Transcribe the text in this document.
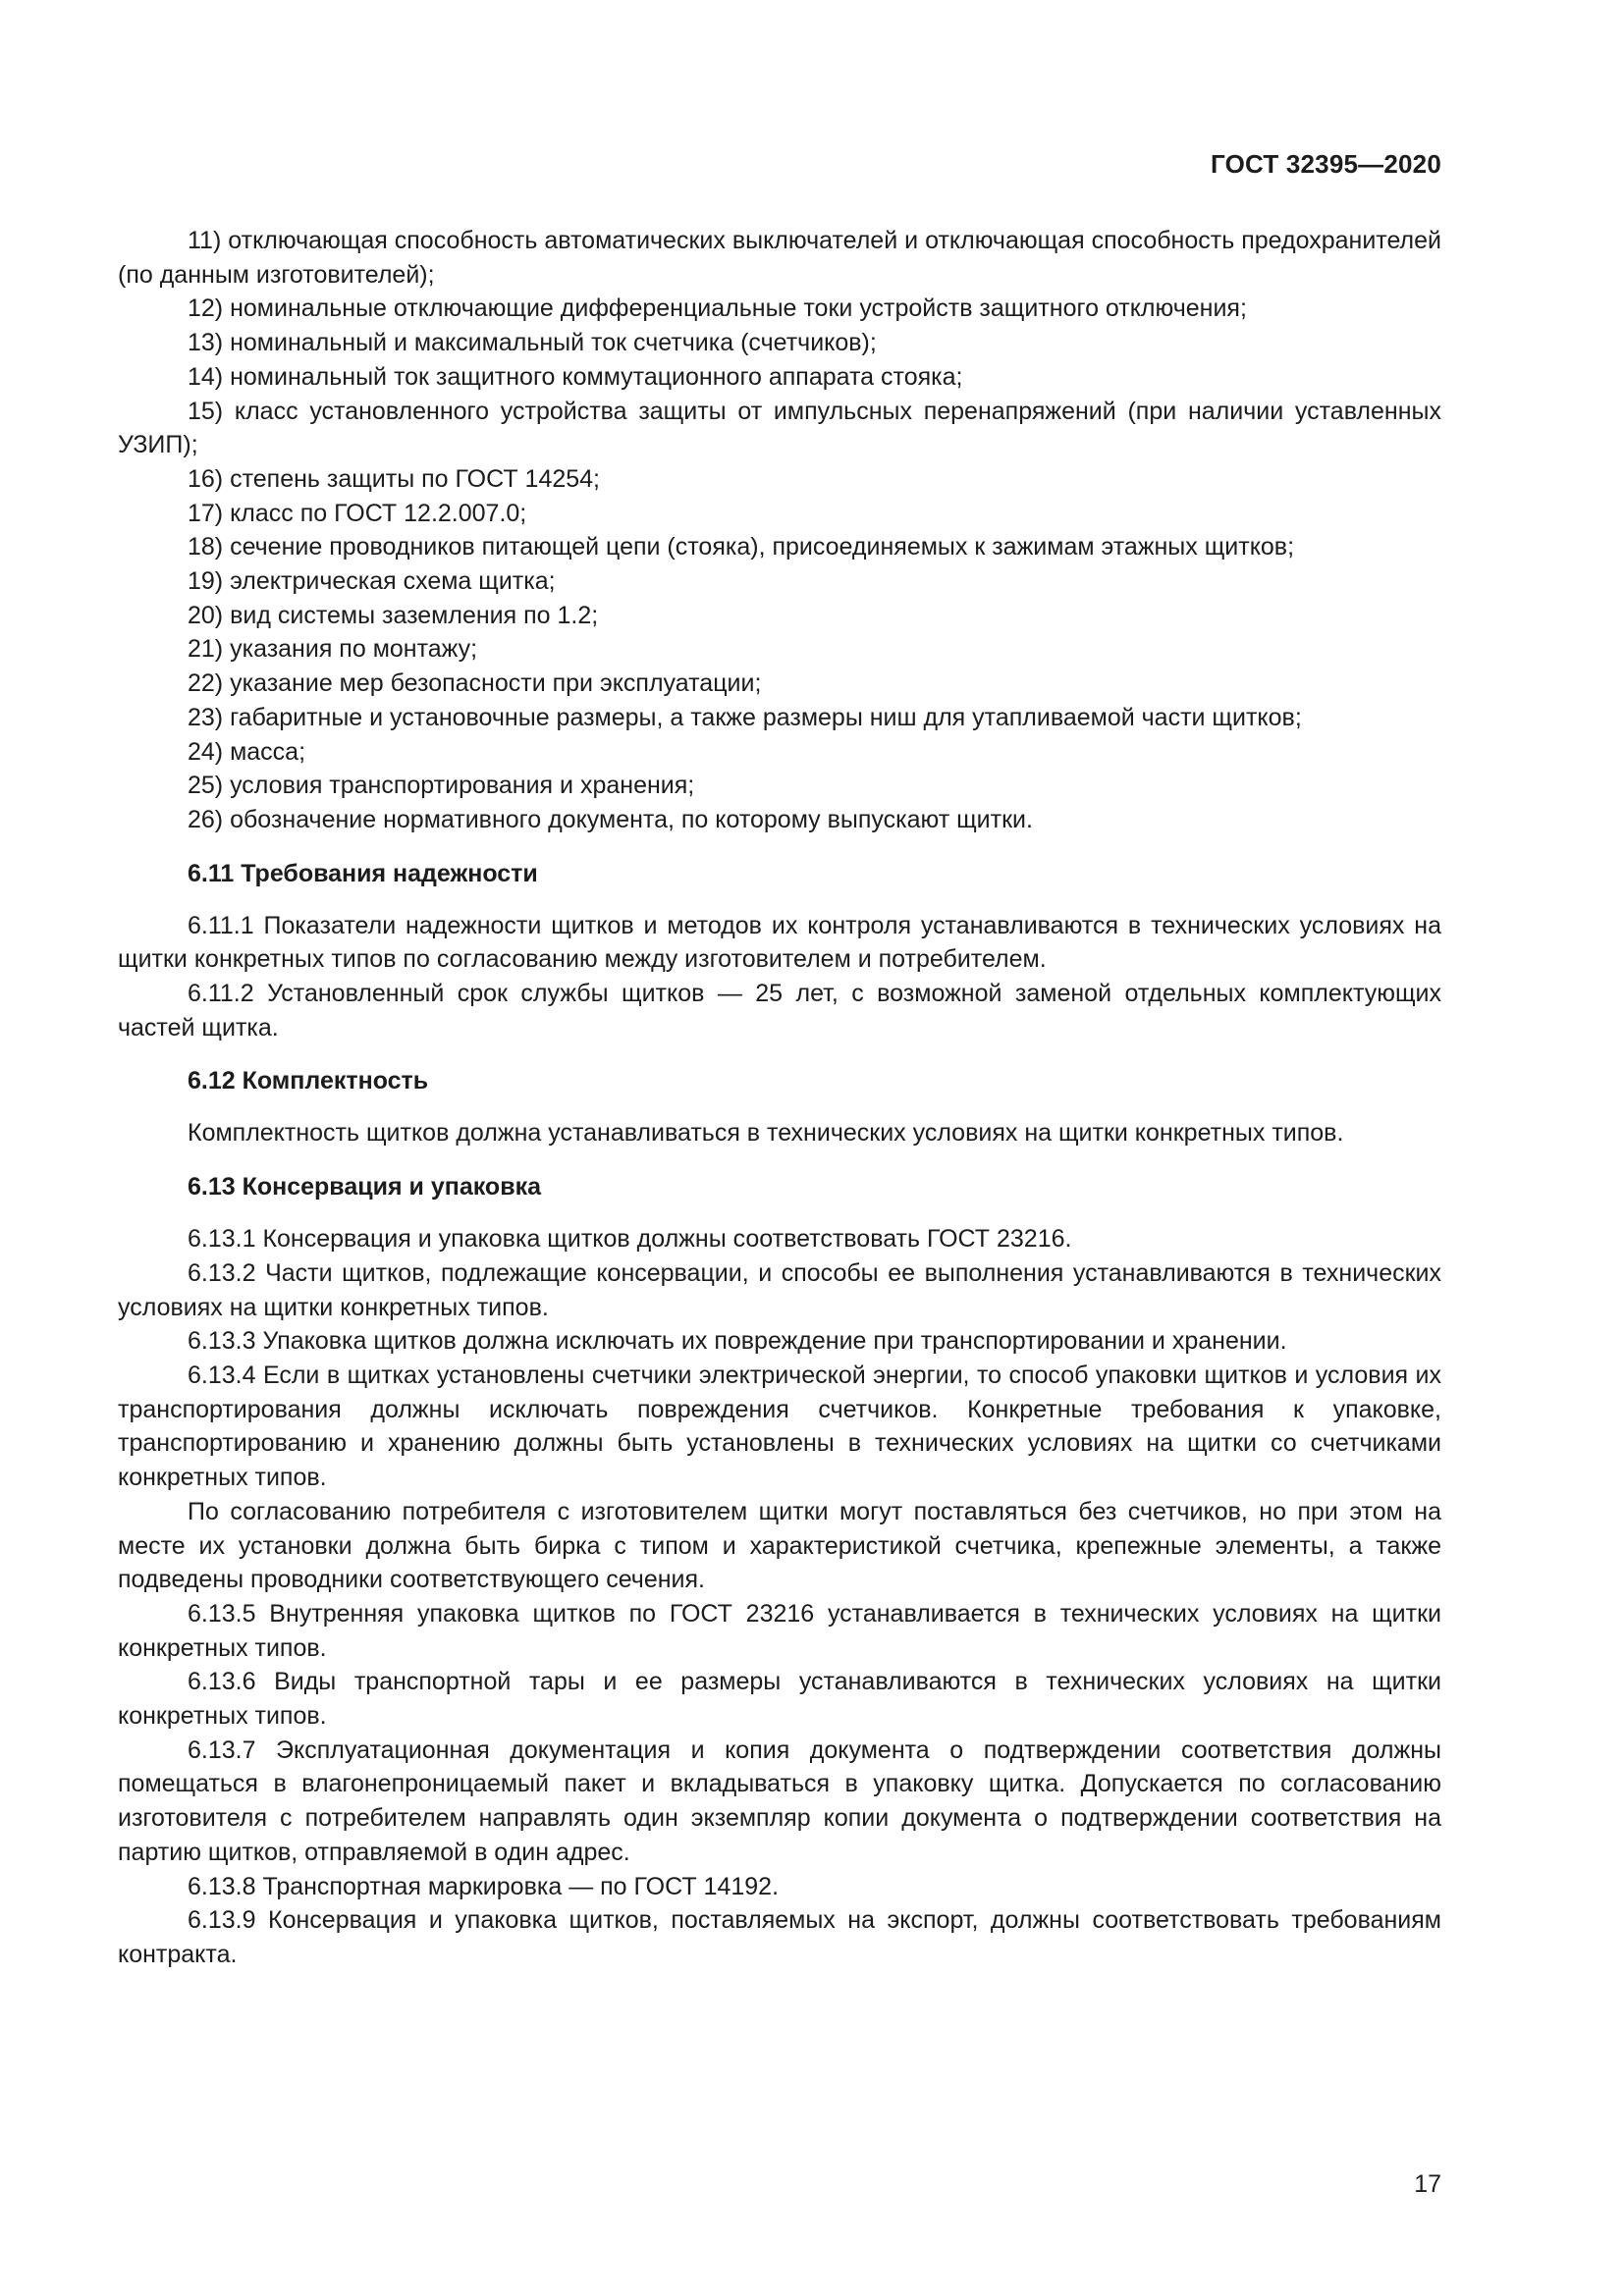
ГОСТ 32395—2020

11) отключающая способность автоматических выключателей и отключающая способность предохранителей (по данным изготовителей);

12) номинальные отключающие дифференциальные токи устройств защитного отключения;

13) номинальный и максимальный ток счетчика (счетчиков);

14) номинальный ток защитного коммутационного аппарата стояка;

15) класс установленного устройства защиты от импульсных перенапряжений (при наличии уставленных УЗИП);

16) степень защиты по ГОСТ 14254;

17) класс по ГОСТ 12.2.007.0;

18) сечение проводников питающей цепи (стояка), присоединяемых к зажимам этажных щитков;

19) электрическая схема щитка;

20) вид системы заземления по 1.2;

21) указания по монтажу;

22) указание мер безопасности при эксплуатации;

23) габаритные и установочные размеры, а также размеры ниш для утапливаемой части щитков;

24) масса;

25) условия транспортирования и хранения;

26) обозначение нормативного документа, по которому выпускают щитки.

6.11 Требования надежности

6.11.1 Показатели надежности щитков и методов их контроля устанавливаются в технических условиях на щитки конкретных типов по согласованию между изготовителем и потребителем.

6.11.2 Установленный срок службы щитков — 25 лет, с возможной заменой отдельных комплектующих частей щитка.

6.12 Комплектность

Комплектность щитков должна устанавливаться в технических условиях на щитки конкретных типов.

6.13 Консервация и упаковка

6.13.1 Консервация и упаковка щитков должны соответствовать ГОСТ 23216.

6.13.2 Части щитков, подлежащие консервации, и способы ее выполнения устанавливаются в технических условиях на щитки конкретных типов.

6.13.3 Упаковка щитков должна исключать их повреждение при транспортировании и хранении.

6.13.4 Если в щитках установлены счетчики электрической энергии, то способ упаковки щитков и условия их транспортирования должны исключать повреждения счетчиков. Конкретные требования к упаковке, транспортированию и хранению должны быть установлены в технических условиях на щитки со счетчиками конкретных типов.

По согласованию потребителя с изготовителем щитки могут поставляться без счетчиков, но при этом на месте их установки должна быть бирка с типом и характеристикой счетчика, крепежные элементы, а также подведены проводники соответствующего сечения.

6.13.5 Внутренняя упаковка щитков по ГОСТ 23216 устанавливается в технических условиях на щитки конкретных типов.

6.13.6 Виды транспортной тары и ее размеры устанавливаются в технических условиях на щитки конкретных типов.

6.13.7 Эксплуатационная документация и копия документа о подтверждении соответствия должны помещаться в влагонепроницаемый пакет и вкладываться в упаковку щитка. Допускается по согласованию изготовителя с потребителем направлять один экземпляр копии документа о подтверждении соответствия на партию щитков, отправляемой в один адрес.

6.13.8 Транспортная маркировка — по ГОСТ 14192.

6.13.9 Консервация и упаковка щитков, поставляемых на экспорт, должны соответствовать требованиям контракта.

17
